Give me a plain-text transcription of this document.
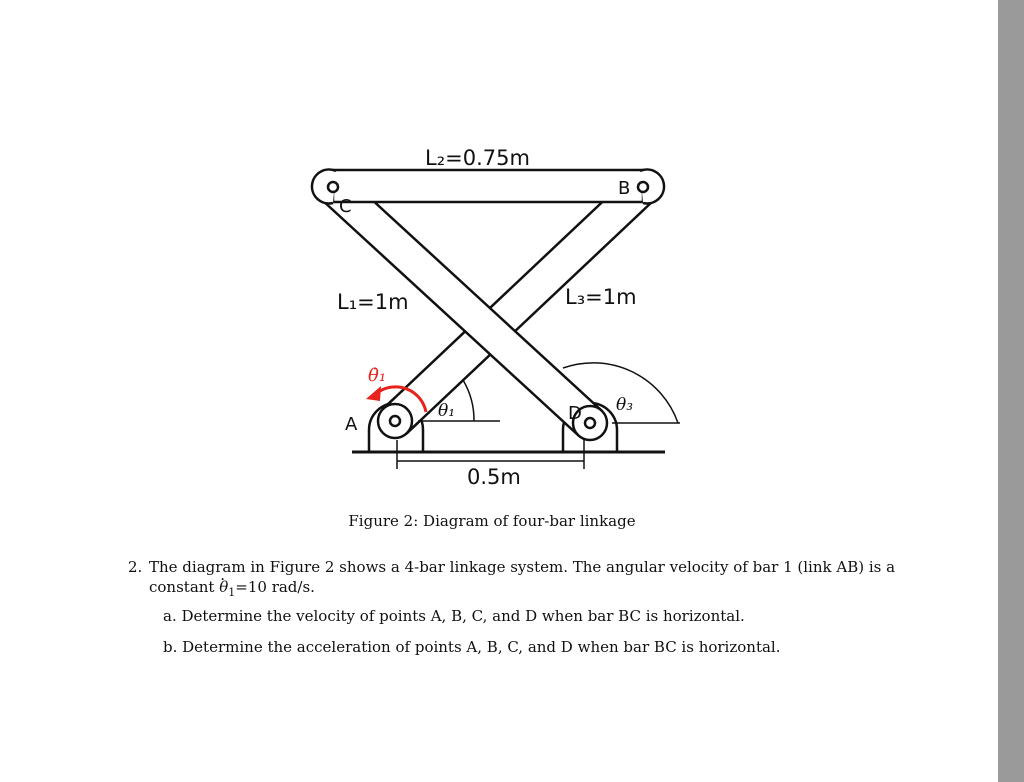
L₂=0.75m
L₁=1m	L₃=1m
0.5m
A
B
C
D
θ₁	θ₃
θ̇₁
Figure 2: Diagram of four-bar linkage
2. The diagram in Figure 2 shows a 4-bar linkage system. The angular velocity of bar 1 (link AB) is a
constant · $\theta_1=10$ rad/s.
a. Determine the velocity of points A, B, C, and D when bar BC is horizontal.
b. Determine the acceleration of points A, B, C, and D when bar BC is horizontal.
